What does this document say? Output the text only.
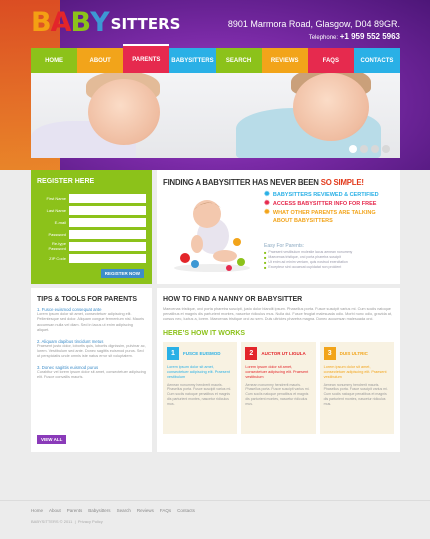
B A B Y SITTERS	8901 Marmora Road, Glasgow, D04 89GR.
Telephone: +1 959 552 5963
HOME	ABOUT	PARENTS BABYSITTERS SEARCH	REVIEWS	FAQS	CONTACTS
REGISTER HERE
First Name
Last Name
E-mail
Password
Re-type Password
ZIP Code
REGISTER NOW
FINDING A BABYSITTER HAS NEVER BEEN SO SIMPLE!
✹ BABYSITTERS REVIEWED & CERTIFIED
✹ ACCESS BABYSITTER INFO FOR FREE
✹ WHAT OTHER PARENTS ARE TALKING ABOUT BABYSITTERS
Easy For Parents:
■ Praesent vestibulum molestie lacus aenean nonummy
■ Maecenas tristique, orci porta pharetra suscipit
■ Ut enim ad minim veniam, quis nostrud exercitation
■ Excepteur sint occaecat cupidatat non proident
TIPS & TOOLS FOR PARENTS
1. Fusce euismod consequat ante
Lorem ipsum dolor sit amet, consectetuer adipiscing elit. Pellentesque sed dolor. Aliquam congue fermentum nisl. Mauris accumsan nulla vel diam. Sed in lacus ut enim adipiscing aliquet.
2. Aliquam dapibus tincidunt metus
Praesent justo dolor, lobortis quis, lobortis dignissim, pulvinar ac, lorem. Vestibulum sed ante. Donec sagittis euismod purus. Sed ut perspiciatis unde omnis iste natus error sit voluptatem.
3. Donec sagittis euismod purus
Curabitur vel lorem ipsum dolor sit amet, consectetuer adipiscing elit. Fusce convallis mauris.
VIEW ALL
HOW TO FIND A NANNY OR BABYSITTER
Maecenas tristique, orci porta pharetra suscipit, justo dolor blandit ipsum. Phasellus porta. Fusce suscipit varius mi. Cum sociis natoque penatibus et magnis dis parturient montes, nascetur ridiculus mus. Nulla dui. Fusce feugiat malesuada odio. Morbi nunc odio, gravida at, cursus nec, luctus a, lorem. Maecenas tristique orci ac sem. Duis ultricies pharetra magna. Donec accumsan malesuada orci.
HERE’S HOW IT WORKS
1	FUSCE EUISMOD
Lorem ipsum dolor sit amet, consectetuer adipiscing elit. Praesent vestibulum
Aenean nonummy hendrerit mauris. Phasellus porta. Fusce suscipit varius mi. Cum sociis natoque penatibus et magnis dis parturient montes, nascetur ridiculus mus.
2	AUCTOR UT LIGULA
Lorem ipsum dolor sit amet, consectetuer adipiscing elit. Praesent vestibulum
Aenean nonummy hendrerit mauris. Phasellus porta. Fusce suscipit varius mi. Cum sociis natoque penatibus et magnis dis parturient montes, nascetur ridiculus mus.
3	DUIS ULTRIC
Lorem ipsum dolor sit amet, consectetuer adipiscing elit. Praesent vestibulum
Aenean nonummy hendrerit mauris. Phasellus porta. Fusce suscipit varius mi. Cum sociis natoque penatibus et magnis dis parturient montes, nascetur ridiculus mus.
Home About Parents Babysitters Search Reviews FAQs Contacts
BABYSITTERS © 2011  |  Privacy Policy
